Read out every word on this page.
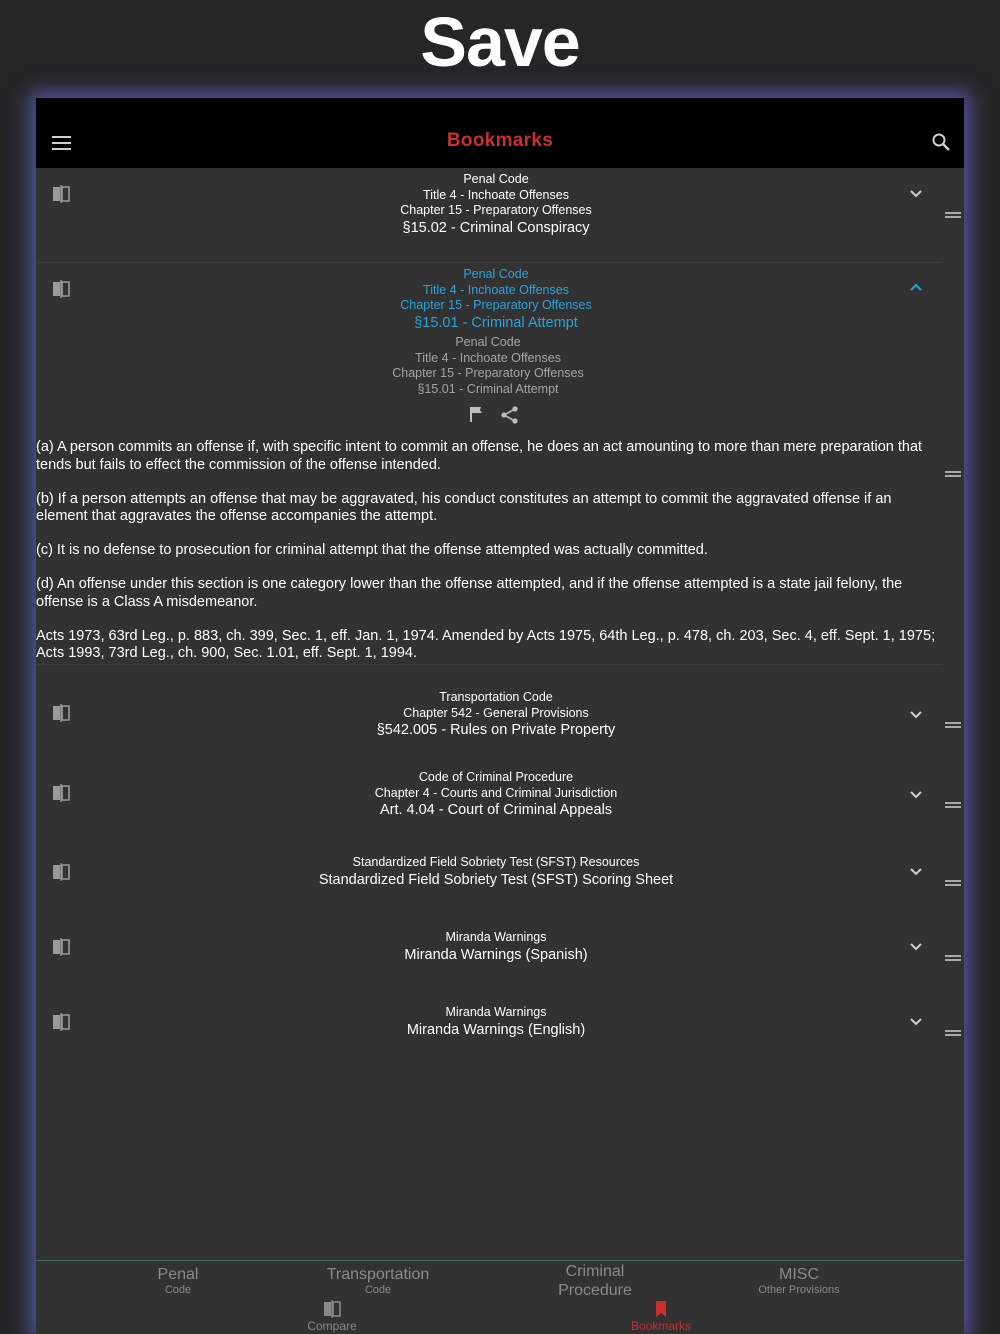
Save
Bookmarks
Penal Code
Title 4 - Inchoate Offenses
Chapter 15 - Preparatory Offenses
§15.02 - Criminal Conspiracy
Penal Code
Title 4 - Inchoate Offenses
Chapter 15 - Preparatory Offenses
§15.01 - Criminal Attempt
Penal Code
Title 4 - Inchoate Offenses
Chapter 15 - Preparatory Offenses
§15.01 - Criminal Attempt

(a) A person commits an offense if, with specific intent to commit an offense, he does an act amounting to more than mere preparation that tends but fails to effect the commission of the offense intended.

(b) If a person attempts an offense that may be aggravated, his conduct constitutes an attempt to commit the aggravated offense if an element that aggravates the offense accompanies the attempt.

(c) It is no defense to prosecution for criminal attempt that the offense attempted was actually committed.

(d) An offense under this section is one category lower than the offense attempted, and if the offense attempted is a state jail felony, the offense is a Class A misdemeanor.

Acts 1973, 63rd Leg., p. 883, ch. 399, Sec. 1, eff. Jan. 1, 1974. Amended by Acts 1975, 64th Leg., p. 478, ch. 203, Sec. 4, eff. Sept. 1, 1975; Acts 1993, 73rd Leg., ch. 900, Sec. 1.01, eff. Sept. 1, 1994.

Transportation Code
Chapter 542 - General Provisions
§542.005 - Rules on Private Property
Code of Criminal Procedure
Chapter 4 - Courts and Criminal Jurisdiction
Art. 4.04 - Court of Criminal Appeals
Standardized Field Sobriety Test (SFST) Resources
Standardized Field Sobriety Test (SFST) Scoring Sheet
Miranda Warnings
Miranda Warnings (Spanish)
Miranda Warnings
Miranda Warnings (English)
Penal
Code
Transportation
Code
Criminal
Procedure
MISC
Other Provisions
Compare	Bookmarks
